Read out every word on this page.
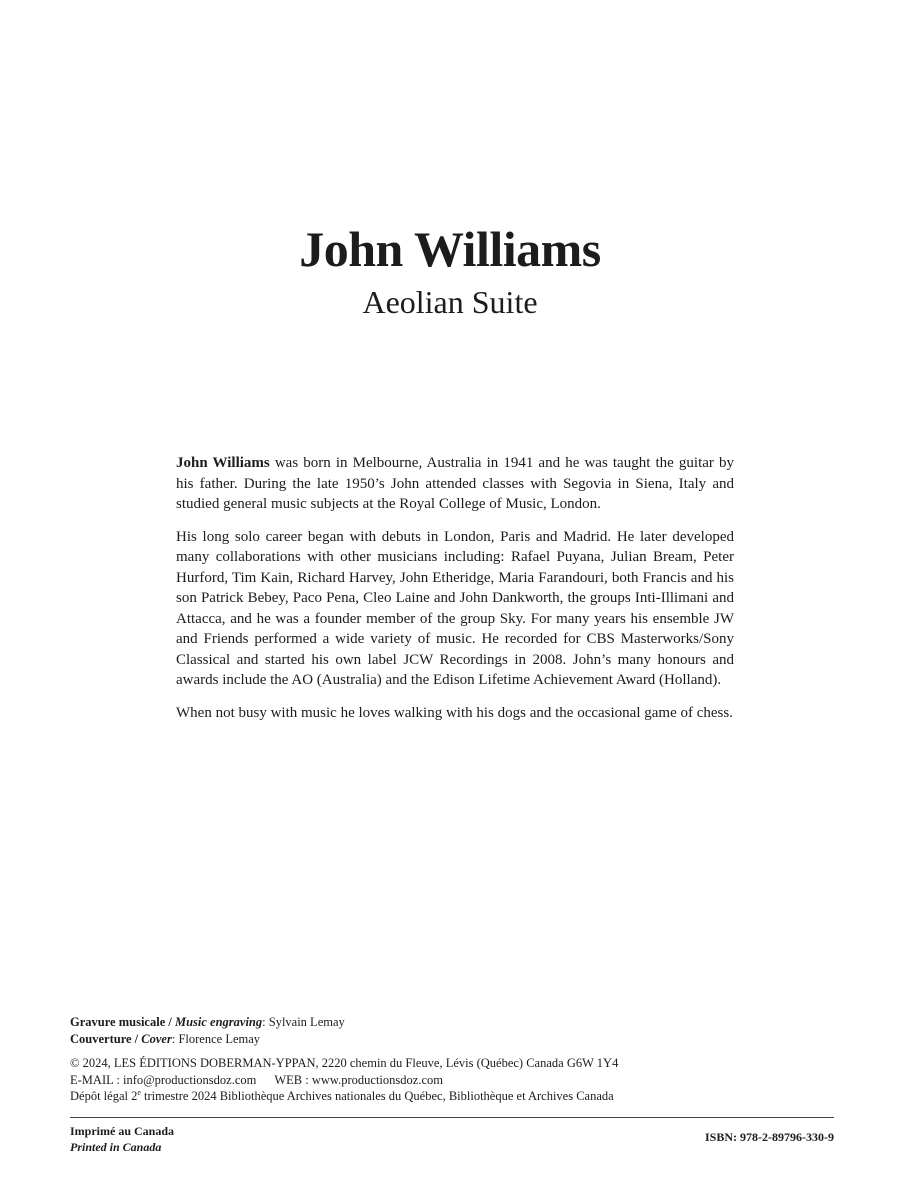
John Williams
Aeolian Suite

John Williams was born in Melbourne, Australia in 1941 and he was taught the guitar by his father. During the late 1950’s John attended classes with Segovia in Siena, Italy and studied general music subjects at the Royal College of Music, London.

His long solo career began with debuts in London, Paris and Madrid. He later developed many collaborations with other musicians including: Rafael Puyana, Julian Bream, Peter Hurford, Tim Kain, Richard Harvey, John Etheridge, Maria Farandouri, both Francis and his son Patrick Bebey, Paco Pena, Cleo Laine and John Dankworth, the groups Inti-Illimani and Attacca, and he was a founder member of the group Sky. For many years his ensemble JW and Friends performed a wide variety of music. He recorded for CBS Masterworks/Sony Classical and started his own label JCW Recordings in 2008. John’s many honours and awards include the AO (Australia) and the Edison Lifetime Achievement Award (Holland).

When not busy with music he loves walking with his dogs and the occasional game of chess.

Gravure musicale / Music engraving: Sylvain Lemay
Couverture / Cover: Florence Lemay
© 2024, LES ÉDITIONS DOBERMAN-YPPAN, 2220 chemin du Fleuve, Lévis (Québec) Canada G6W 1Y4
E-MAIL : info@productionsdoz.com WEB : www.productionsdoz.com
Dépôt légal 2e trimestre 2024 Bibliothèque Archives nationales du Québec, Bibliothèque et Archives Canada
Imprimé au Canada
Printed in Canada
ISBN: 978-2-89796-330-9
